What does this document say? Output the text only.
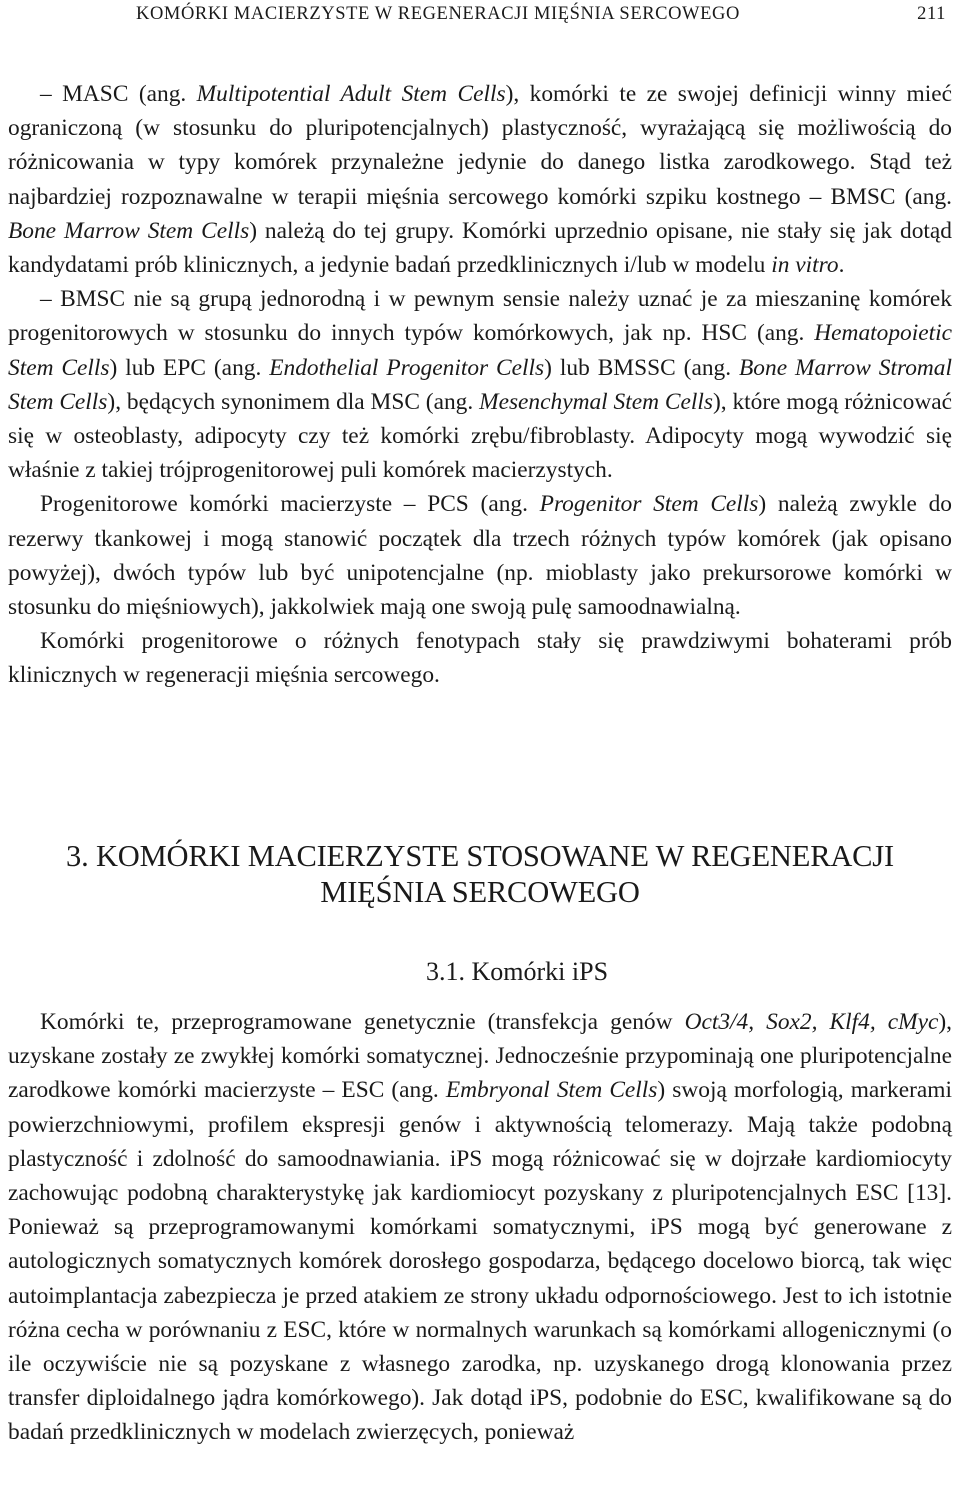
KOMÓRKI MACIERZYSTE W REGENERACJI MIĘŚNIA SERCOWEGO	211

– MASC (ang. Multipotential Adult Stem Cells), komórki te ze swojej definicji winny mieć ograniczoną (w stosunku do pluripotencjalnych) plastyczność, wyrażającą się możliwością do różnicowania w typy komórek przynależne jedynie do danego listka zarodkowego. Stąd też najbardziej rozpoznawalne w terapii mięśnia sercowego komórki szpiku kostnego – BMSC (ang. Bone Marrow Stem Cells) należą do tej grupy. Komórki uprzednio opisane, nie stały się jak dotąd kandydatami prób klinicznych, a jedynie badań przedklinicznych i/lub w modelu in vitro.

– BMSC nie są grupą jednorodną i w pewnym sensie należy uznać je za mieszaninę komórek progenitorowych w stosunku do innych typów komórkowych, jak np. HSC (ang. Hematopoietic Stem Cells) lub EPC (ang. Endothelial Progenitor Cells) lub BMSSC (ang. Bone Marrow Stromal Stem Cells), będących synonimem dla MSC (ang. Mesenchymal Stem Cells), które mogą różnicować się w osteoblasty, adipocyty czy też komórki zrębu/fibroblasty. Adipocyty mogą wywodzić się właśnie z takiej trójprogenitorowej puli komórek macierzystych.

Progenitorowe komórki macierzyste – PCS (ang. Progenitor Stem Cells) należą zwykle do rezerwy tkankowej i mogą stanowić początek dla trzech różnych typów komórek (jak opisano powyżej), dwóch typów lub być unipotencjalne (np. mioblasty jako prekursorowe komórki w stosunku do mięśniowych), jakkolwiek mają one swoją pulę samoodnawialną.

Komórki progenitorowe o różnych fenotypach stały się prawdziwymi bohaterami prób klinicznych w regeneracji mięśnia sercowego.

3. KOMÓRKI MACIERZYSTE STOSOWANE W REGENERACJI
MIĘŚNIA SERCOWEGO
3.1. Komórki iPS

Komórki te, przeprogramowane genetycznie (transfekcja genów Oct3/4, Sox2, Klf4, cMyc), uzyskane zostały ze zwykłej komórki somatycznej. Jednocześnie przypominają one pluripotencjalne zarodkowe komórki macierzyste – ESC (ang. Embryonal Stem Cells) swoją morfologią, markerami powierzchniowymi, profilem ekspresji genów i aktywnością telomerazy. Mają także podobną plastyczność i zdolność do samoodnawiania. iPS mogą różnicować się w dojrzałe kardiomiocyty zachowując podobną charakterystykę jak kardiomiocyt pozyskany z pluripotencjalnych ESC [13]. Ponieważ są przeprogramowanymi komórkami somatycznymi, iPS mogą być generowane z autologicznych somatycznych komórek dorosłego gospodarza, będącego docelowo biorcą, tak więc autoimplantacja zabezpiecza je przed atakiem ze strony układu odpornościowego. Jest to ich istotnie różna cecha w porównaniu z ESC, które w normalnych warunkach są komórkami allogenicznymi (o ile oczywiście nie są pozyskane z własnego zarodka, np. uzyskanego drogą klonowania przez transfer diploidalnego jądra komórkowego). Jak dotąd iPS, podobnie do ESC, kwalifikowane są do badań przedklinicznych w modelach zwierzęcych, ponieważ
